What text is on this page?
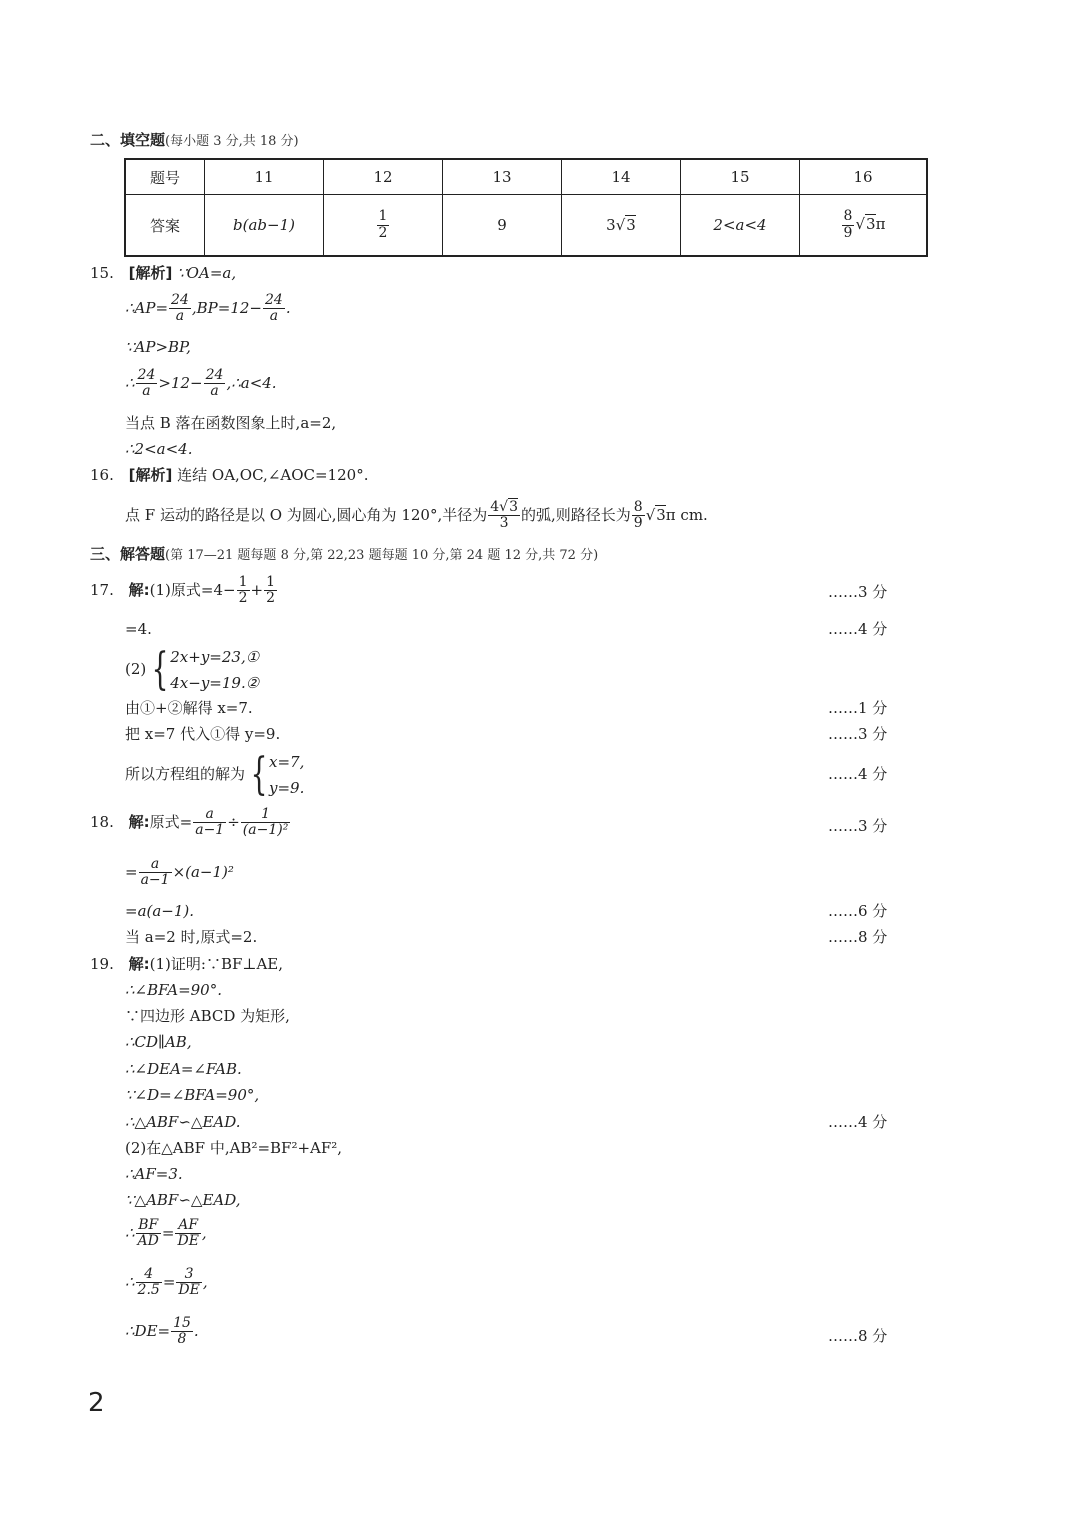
二、填空题(每小题 3 分,共 18 分)
题号	11	12	13	14	15	16
答案	b(ab−1)	$\frac{1}{2}$	9	3√3	2<a<4	$\frac{8}{9} √3\pi$
15. [解析] ∵OA=a,
∴AP= $\frac{24}{a} ,BP=12- \frac{24}{a}$ .
∵AP>BP,
∴ $\frac{24}{a} >12- \frac{24}{a}$ ,∴a<4.
当点 B 落在函数图象上时,a=2,
∴2<a<4.
16. [解析] 连结 OA,OC,∠AOC=120°.
点 F 运动的路径是以 O 为圆心,圆心角为 120°,半径为 $\frac{4√3}{3}$ 的弧,则路径长为 $\frac{8}{9} √3\pi$ cm.
三、解答题(第 17—21 题每题 8 分,第 22,23 题每题 10 分,第 24 题 12 分,共 72 分)
17. 解:(1)原式$=4- \frac{1}{2} + \frac{1}{2}$	……3 分
=4.	……4 分
(2) { 2x+y=23,①
4x−y=19.②
由①+②解得 x=7.	……1 分
把 x=7 代入①得 y=9.	……3 分
所以方程组的解为 { x=7,
y=9.
……4 分
18. 解:原式= $\frac{a}{a-1} \div \frac{1}{\text{(a−1)²}}$	……3 分
= $\frac{a}{a-1} \times(a-1)^2$
=a(a−1).	……6 分
当 a=2 时,原式=2.	……8 分
19. 解:(1)证明:∵BF⊥AE,
∴∠BFA=90°.
∵四边形 ABCD 为矩形,
∴CD∥AB,
∴∠DEA=∠FAB.
∵∠D=∠BFA=90°,
∴△ABF∽△EAD.	……4 分
(2)在△ABF 中,AB²=BF²+AF²,
∴AF=3.
∵△ABF∽△EAD,
∴ $\frac{BF}{AD} = \frac{AF}{DE}$ ,
∴ $\frac{4}{2.5} = \frac{3}{DE}$ ,
∴DE= $\frac{15}{8}$ .	……8 分
2
